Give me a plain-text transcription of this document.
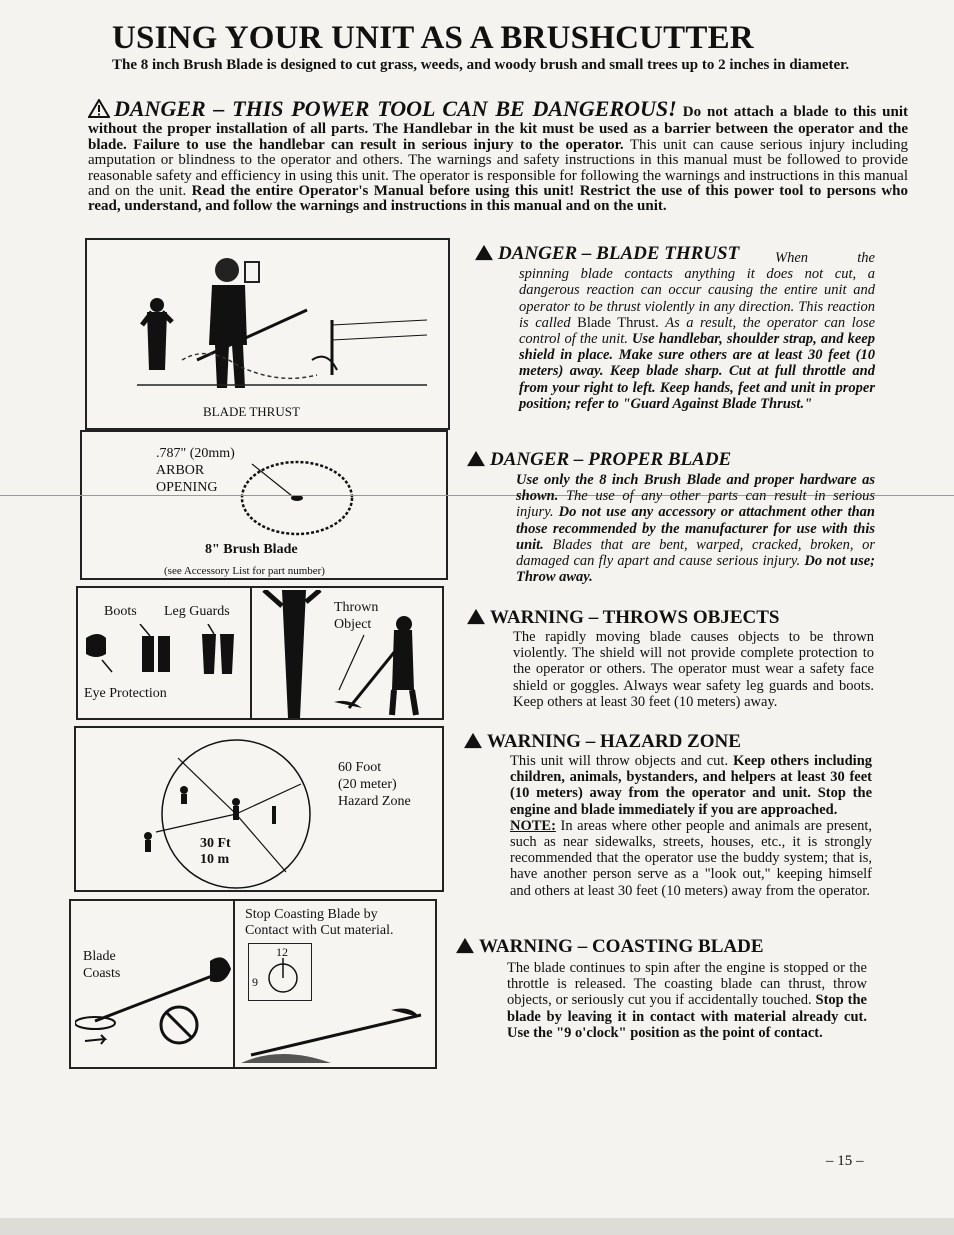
USING YOUR UNIT AS A BRUSHCUTTER
The 8 inch Brush Blade is designed to cut grass, weeds, and woody brush and small trees up to 2 inches in diameter.
DANGER – THIS POWER TOOL CAN BE DANGEROUS! Do not attach a blade to this unit without the proper installation of all parts. The Handlebar in the kit must be used as a barrier between the operator and the blade. Failure to use the handlebar can result in serious injury to the operator. This unit can cause serious injury including amputation or blindness to the operator and others. The warnings and safety instructions in this manual must be followed to provide reasonable safety and efficiency in using this unit. The operator is responsible for following the warnings and instructions in this manual and on the unit. Read the entire Operator's Manual before using this unit! Restrict the use of this power tool to persons who read, understand, and follow the warnings and instructions in this manual and on the unit.
BLADE THRUST
.787" (20mm)
ARBOR
OPENING
8" Brush Blade
(see Accessory List for part number)
Boots Leg Guards
Eye Protection
Thrown
Object
60 Foot
(20 meter)
Hazard Zone
30 Ft
10 m
Stop Coasting Blade by
Contact with Cut material.
Blade
Coasts
12
9
DANGER – BLADE THRUST	When the spinning blade contacts anything it does not cut, a dangerous reaction can occur causing the entire unit and operator to be thrust violently in any direction. This reaction is called Blade Thrust. As a result, the operator can lose control of the unit. Use handlebar, shoulder strap, and keep shield in place. Make sure others are at least 30 feet (10 meters) away. Keep blade sharp. Cut at full throttle and from your right to left. Keep hands, feet and unit in proper position; refer to "Guard Against Blade Thrust."
DANGER – PROPER BLADE
Use only the 8 inch Brush Blade and proper hardware as shown. The use of any other parts can result in serious injury. Do not use any accessory or attachment other than those recommended by the manufacturer for use with this unit. Blades that are bent, warped, cracked, broken, or damaged can fly apart and cause serious injury. Do not use; Throw away.
WARNING – THROWS OBJECTS
The rapidly moving blade causes objects to be thrown violently. The shield will not provide complete protection to the operator or others. The operator must wear a safety face shield or goggles. Always wear safety leg guards and boots. Keep others at least 30 feet (10 meters) away.
WARNING – HAZARD ZONE
This unit will throw objects and cut. Keep others including children, animals, bystanders, and helpers at least 30 feet (10 meters) away from the operator and unit. Stop the engine and blade immediately if you are approached.
NOTE: In areas where other people and animals are present, such as near sidewalks, streets, houses, etc., it is strongly recommended that the operator use the buddy system; that is, have another person serve as a "look out," keeping himself and others at least 30 feet (10 meters) away from the operator.
WARNING – COASTING BLADE
The blade continues to spin after the engine is stopped or the throttle is released. The coasting blade can thrust, throw objects, or seriously cut you if accidentally touched. Stop the blade by leaving it in contact with material already cut. Use the "9 o'clock" position as the point of contact.
– 15 –
